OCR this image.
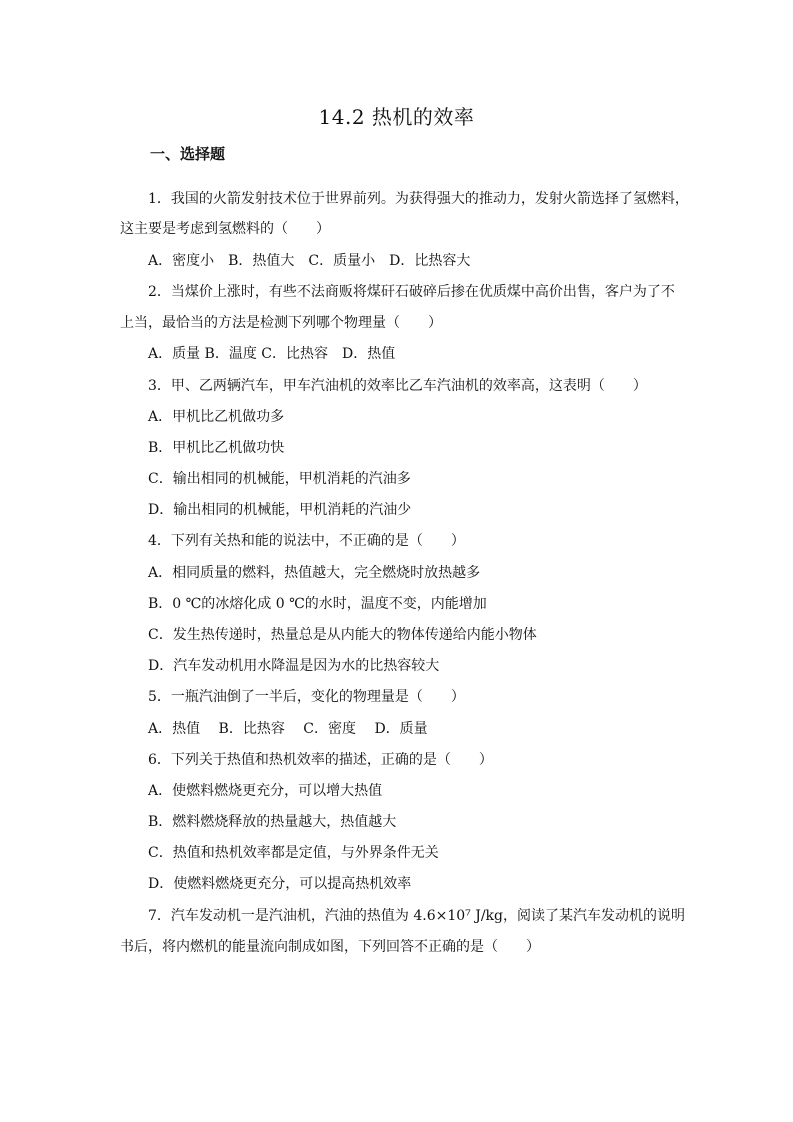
14.2 热机的效率
一、选择题
1．我国的火箭发射技术位于世界前列。为获得强大的推动力，发射火箭选择了氢燃料，
这主要是考虑到氢燃料的（　　）
A．密度小　B．热值大　C．质量小　D．比热容大
2．当煤价上涨时，有些不法商贩将煤矸石破碎后掺在优质煤中高价出售，客户为了不
上当，最恰当的方法是检测下列哪个物理量（　　）
A．质量 B．温度 C．比热容　D．热值
3．甲、乙两辆汽车，甲车汽油机的效率比乙车汽油机的效率高，这表明（　　）
A．甲机比乙机做功多
B．甲机比乙机做功快
C．输出相同的机械能，甲机消耗的汽油多
D．输出相同的机械能，甲机消耗的汽油少
4．下列有关热和能的说法中，不正确的是（　　）
A．相同质量的燃料，热值越大，完全燃烧时放热越多
B．0 ℃的冰熔化成 0 ℃的水时，温度不变，内能增加
C．发生热传递时，热量总是从内能大的物体传递给内能小物体
D．汽车发动机用水降温是因为水的比热容较大
5．一瓶汽油倒了一半后，变化的物理量是（　　）
A．热值　 B．比热容　 C．密度　 D．质量
6．下列关于热值和热机效率的描述，正确的是（　　）
A．使燃料燃烧更充分，可以增大热值
B．燃料燃烧释放的热量越大，热值越大
C．热值和热机效率都是定值，与外界条件无关
D．使燃料燃烧更充分，可以提高热机效率
7．汽车发动机一是汽油机，汽油的热值为 4.6×10⁷ J/kg，阅读了某汽车发动机的说明
书后，将内燃机的能量流向制成如图，下列回答不正确的是（　　）
